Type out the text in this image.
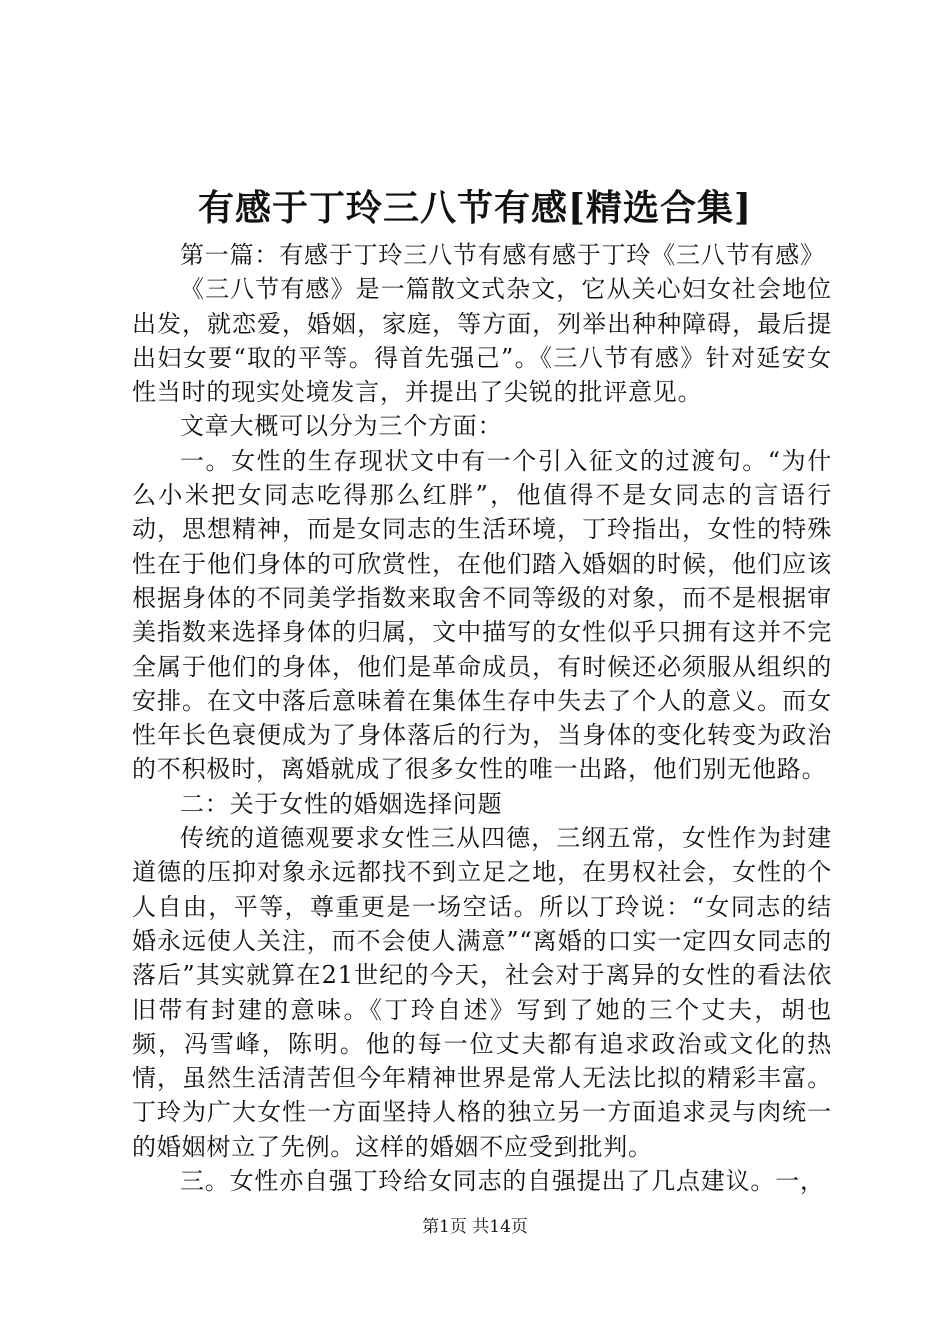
有感于丁玲三八节有感[精选合集]

第一篇：有感于丁玲三八节有感有感于丁玲《三八节有感》

《三八节有感》是一篇散文式杂文，它从关心妇女社会地位出发，就恋爱，婚姻，家庭，等方面，列举出种种障碍，最后提出妇女要“取的平等。得首先强己”。《三八节有感》针对延安女性当时的现实处境发言，并提出了尖锐的批评意见。

文章大概可以分为三个方面：

一。女性的生存现状文中有一个引入征文的过渡句。“为什么小米把女同志吃得那么红胖”，他值得不是女同志的言语行动，思想精神，而是女同志的生活环境，丁玲指出，女性的特殊性在于他们身体的可欣赏性，在他们踏入婚姻的时候，他们应该根据身体的不同美学指数来取舍不同等级的对象，而不是根据审美指数来选择身体的归属，文中描写的女性似乎只拥有这并不完全属于他们的身体，他们是革命成员，有时候还必须服从组织的安排。在文中落后意味着在集体生存中失去了个人的意义。而女性年长色衰便成为了身体落后的行为，当身体的变化转变为政治的不积极时，离婚就成了很多女性的唯一出路，他们别无他路。

二：关于女性的婚姻选择问题

传统的道德观要求女性三从四德，三纲五常，女性作为封建道德的压抑对象永远都找不到立足之地，在男权社会，女性的个人自由，平等，尊重更是一场空话。所以丁玲说：“女同志的结婚永远使人关注，而不会使人满意”“离婚的口实一定四女同志的落后”其实就算在21世纪的今天，社会对于离异的女性的看法依旧带有封建的意味。《丁玲自述》写到了她的三个丈夫，胡也频，冯雪峰，陈明。他的每一位丈夫都有追求政治或文化的热情，虽然生活清苦但今年精神世界是常人无法比拟的精彩丰富。丁玲为广大女性一方面坚持人格的独立另一方面追求灵与肉统一的婚姻树立了先例。这样的婚姻不应受到批判。

三。女性亦自强丁玲给女同志的自强提出了几点建议。一，

第1页 共14页
